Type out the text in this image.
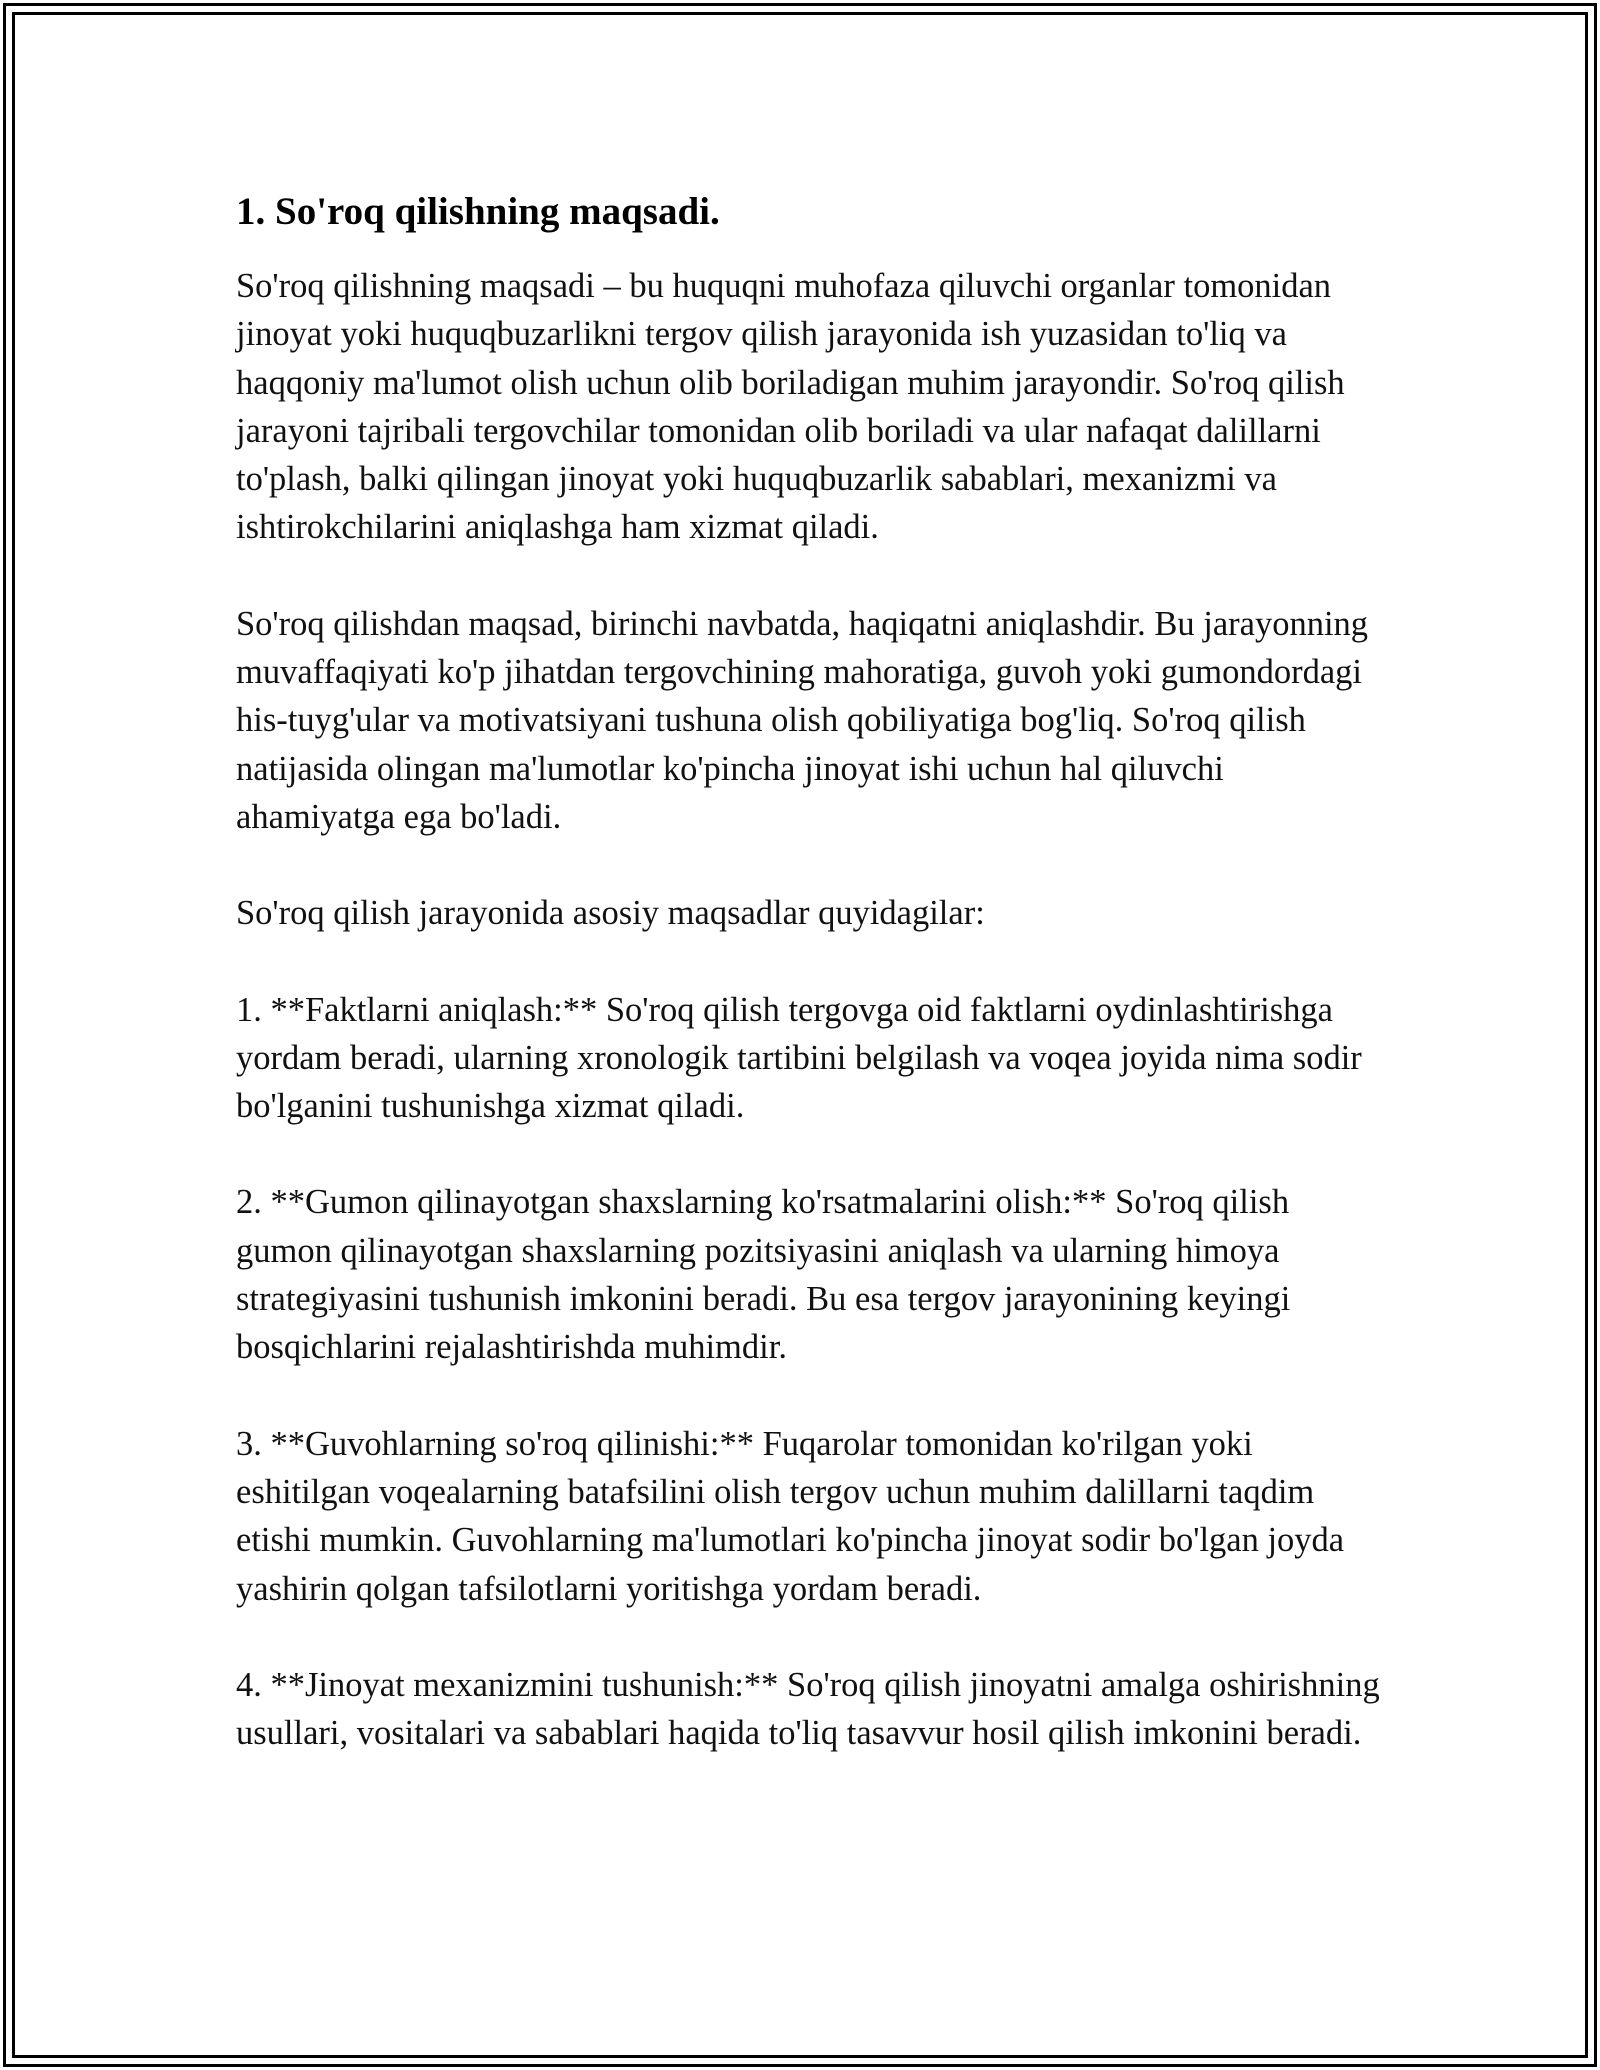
1. So'roq qilishning maqsadi.

So'roq qilishning maqsadi – bu huquqni muhofaza qiluvchi organlar tomonidan jinoyat yoki huquqbuzarlikni tergov qilish jarayonida ish yuzasidan to'liq va haqqoniy ma'lumot olish uchun olib boriladigan muhim jarayondir. So'roq qilish jarayoni tajribali tergovchilar tomonidan olib boriladi va ular nafaqat dalillarni to'plash, balki qilingan jinoyat yoki huquqbuzarlik sabablari, mexanizmi va ishtirokchilarini aniqlashga ham xizmat qiladi.

So'roq qilishdan maqsad, birinchi navbatda, haqiqatni aniqlashdir. Bu jarayonning muvaffaqiyati ko'p jihatdan tergovchining mahoratiga, guvoh yoki gumondordagi his-tuyg'ular va motivatsiyani tushuna olish qobiliyatiga bog'liq. So'roq qilish natijasida olingan ma'lumotlar ko'pincha jinoyat ishi uchun hal qiluvchi ahamiyatga ega bo'ladi.

So'roq qilish jarayonida asosiy maqsadlar quyidagilar:

1. **Faktlarni aniqlash:** So'roq qilish tergovga oid faktlarni oydinlashtirishga yordam beradi, ularning xronologik tartibini belgilash va voqea joyida nima sodir bo'lganini tushunishga xizmat qiladi.

2. **Gumon qilinayotgan shaxslarning ko'rsatmalarini olish:** So'roq qilish gumon qilinayotgan shaxslarning pozitsiyasini aniqlash va ularning himoya strategiyasini tushunish imkonini beradi. Bu esa tergov jarayonining keyingi bosqichlarini rejalashtirishda muhimdir.

3. **Guvohlarning so'roq qilinishi:** Fuqarolar tomonidan ko'rilgan yoki eshitilgan voqealarning batafsilini olish tergov uchun muhim dalillarni taqdim etishi mumkin. Guvohlarning ma'lumotlari ko'pincha jinoyat sodir bo'lgan joyda yashirin qolgan tafsilotlarni yoritishga yordam beradi.

4. **Jinoyat mexanizmini tushunish:** So'roq qilish jinoyatni amalga oshirishning usullari, vositalari va sabablari haqida to'liq tasavvur hosil qilish imkonini beradi.
